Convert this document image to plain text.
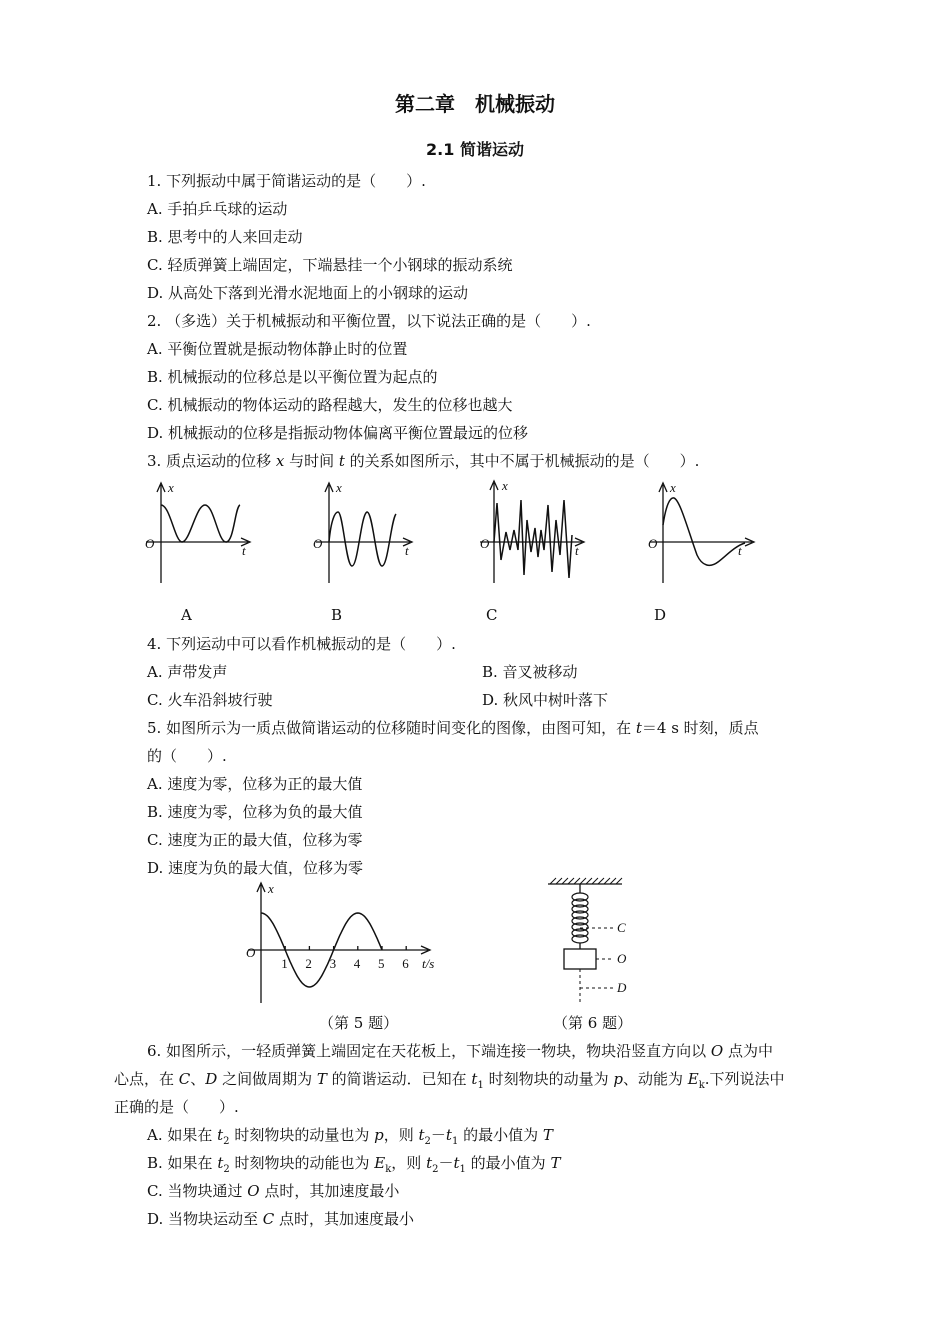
第二章　机械振动
2.1 简谐运动
1. 下列振动中属于简谐运动的是（　　）.
A. 手拍乒乓球的运动
B. 思考中的人来回走动
C. 轻质弹簧上端固定，下端悬挂一个小钢球的振动系统
D. 从高处下落到光滑水泥地面上的小钢球的运动
2. （多选）关于机械振动和平衡位置，以下说法正确的是（　　）.
A. 平衡位置就是振动物体静止时的位置
B. 机械振动的位移总是以平衡位置为起点的
C. 机械振动的物体运动的路程越大，发生的位移也越大
D. 机械振动的位移是指振动物体偏离平衡位置最远的位移
3. 质点运动的位移 x 与时间 t 的关系如图所示，其中不属于机械振动的是（　　）.
x
t
O
x
t
O
x
t
O
x
t
O
A	B	C	D
4. 下列运动中可以看作机械振动的是（　　）.
A. 声带发声	B. 音叉被移动
C. 火车沿斜坡行驶	D. 秋风中树叶落下
5. 如图所示为一质点做简谐运动的位移随时间变化的图像，由图可知，在 t＝4 s 时刻，质点
的（　　）.
A. 速度为零，位移为正的最大值
B. 速度为零，位移为负的最大值
C. 速度为正的最大值，位移为零
D. 速度为负的最大值，位移为零
x
O
t/s
1 2 3 4 5 6
（第 5 题）
C
O
D
（第 6 题）
6. 如图所示，一轻质弹簧上端固定在天花板上，下端连接一物块，物块沿竖直方向以 O 点为中
心点，在 C、D 之间做周期为 T 的简谐运动．已知在 $t_1$ 时刻物块的动量为 p、动能为 $E_k$.下列说法中
正确的是（　　）.
A. 如果在 $t_2$ 时刻物块的动量也为 p，则 $t_2-t_1$ 的最小值为 T
B. 如果在 $t_2$ 时刻物块的动能也为 $E_k$，则 $t_2-t_1$ 的最小值为 T
C. 当物块通过 O 点时，其加速度最小
D. 当物块运动至 C 点时，其加速度最小
